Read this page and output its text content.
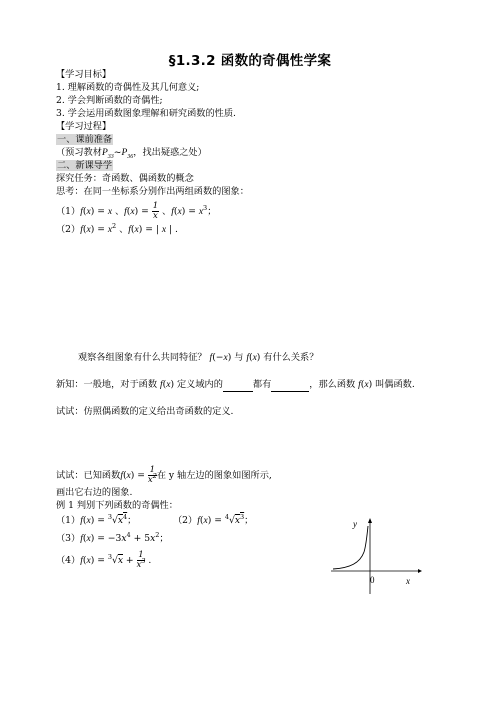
§1.3.2 函数的奇偶性学案
【学习目标】
1. 理解函数的奇偶性及其几何意义;
2. 学会判断函数的奇偶性;
3. 学会运用函数图象理解和研究函数的性质.
【学习过程】
一、课前准备
（预习教材$P_{33}\sim P_{36}$，找出疑惑之处）
二、新课导学
探究任务：奇函数、偶函数的概念
思考：在同一坐标系分别作出两组函数的图象：
（1）f(x) = x 、$f(x) = \frac{1}{x}$ 、$f(x) = x^3$；
$(2)f(x) = x^2$ 、f(x) = | x | .
观察各组图象有什么共同特征？ f(−x) 与 f(x) 有什么关系？
新知：一般地，对于函数 f(x) 定义域内的	都有	，那么函数 f(x) 叫偶函数.
试试：仿照偶函数的定义给出奇函数的定义.
试试：已知函数$f(x) = \frac{1}{x^2}$ 在 y 轴左边的图象如图所示,
画出它右边的图象.
例 1 判别下列函数的奇偶性：
$(1)f(x) = ^3√x^4$；	$(2)f(x) = ^4√x^3$；
$(3)f(x) = -3x^4 + 5x^2$；
$(4)f(x) = ^3√x + \frac{1}{x^3}$ .
y
x
0
